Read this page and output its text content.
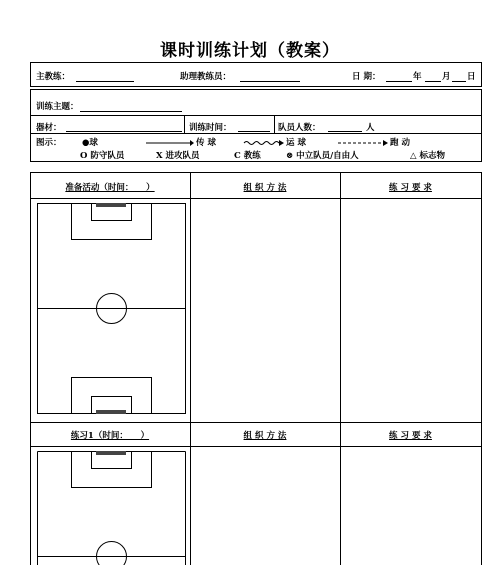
课时训练计划（教案）
主教练：	助理教练员：	日 期：	年 月 日
训练主题：
器材：	训练时间：	队员人数：	人
图示： ●球	传 球	运 球	跑 动
O 防守队员	X 进攻队员	C 教练	⊗ 中立队员/自由人	△ 标志物
准备活动（时间：　　）	组 织 方 法	练 习 要 求
练习1（时间：　　）	组 织 方 法	练 习 要 求
